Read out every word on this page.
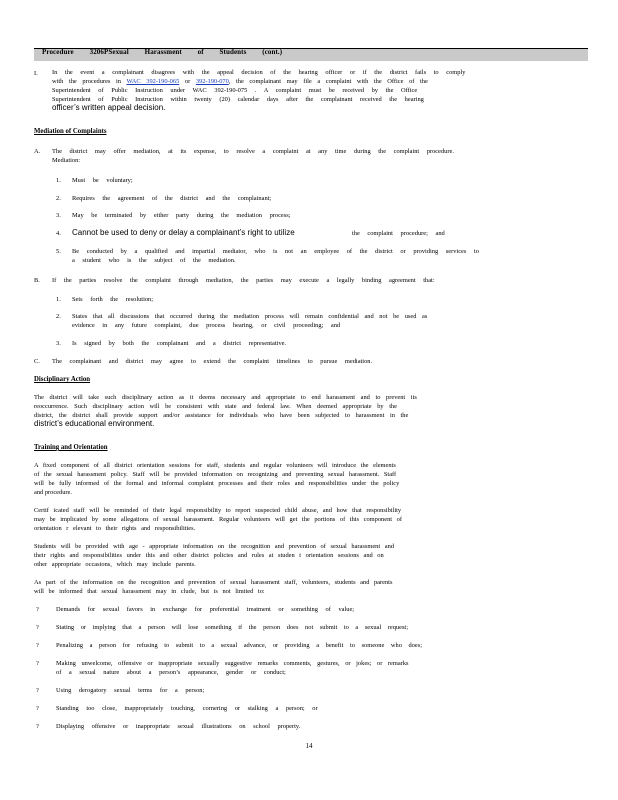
Procedure 3206PSexual Harassment of Students (cont.)
I. In the event a complainant disagrees with the appeal decision of the hearing officer or if the district fails to comply
with the procedures in WAC 392-190-065 or 392-190-070, the complainant may file a complaint with the Office of the
Superintendent of Public Instruction under WAC 392-190-075 . A complaint must be received by the Office
Superintendent of Public Instruction within twenty (20) calendar days after the complainant received the hearing
officer’s written appeal decision.
Mediation of Complaints
A. The district may offer mediation, at its expense, to resolve a complaint at any time during the complaint procedure.
Mediation:
1. Must be voluntary;
2. Requires the agreement of the district and the complainant;
3. May be terminated by either party during the mediation process;
4. Cannot be used to deny or delay a complainant’s right to utilize	the complaint procedure; and
5. Be conducted by a qualified and impartial mediator, who is not an employee of the district or providing services to
a student who is the subject of the mediation.
B. If the parties resolve the complaint through mediation, the parties may execute a legally binding agreement that:
1. Sets forth the resolution;
2. States that all discussions that occurred during the mediation process will remain confidential and not be used as
evidence in any future complaint, due process hearing, or civil proceeding; and
3. Is signed by both the complainant and a district representative.
C. The complainant and district may agree to extend the complaint timelines to pursue mediation.
Disciplinary Action
The district will take such disciplinary action as it deems necessary and appropriate to end harassment and to prevent its
reoccurrence. Such disciplinary action will be consistent with state and federal law. When deemed appropriate by the
district, the district shall provide support and/or assistance for individuals who have been subjected to harassment in the
district’s educational environment.
Training and Orientation
A fixed component of all district orientation sessions for staff, students and regular volunteers will introduce the elements
of the sexual harassment policy. Staff will be provided information on recognizing and preventing sexual harassment. Staff
will be fully informed of the formal and informal complaint processes and their roles and responsibilities under the policy
and procedure.
Certif icated staff will be reminded of their legal responsibility to report suspected child abuse, and how that responsibility
may be implicated by some allegations of sexual harassment. Regular volunteers will get the portions of this component of
orientation r elevant to their rights and responsibilities.
Students will be provided with age - appropriate information on the recognition and prevention of sexual harassment and
their rights and responsibilities under this and other district policies and rules at studen t orientation sessions and on
other appropriate occasions, which may include parents.
As part of the information on the recognition and prevention of sexual harassment staff, volunteers, students and parents
will be informed that sexual harassment may in clude, but is not limited to:
?	Demands for sexual favors in exchange for preferential treatment or something of value;
?	Stating or implying that a person will lose something if the person does not submit to a sexual request;
?	Penalizing a person for refusing to submit to a sexual advance, or providing a benefit to someone who does;
?	Making unwelcome, offensive or inappropriate sexually suggestive remarks comments, gestures, or jokes; or remarks
of a sexual nature about a person’s appearance, gender or conduct;
?	Using derogatory sexual terms for a person;
?	Standing too close, inappropriately touching, cornering or stalking a person; or
?	Displaying offensive or inappropriate sexual illustrations on school property.
14
